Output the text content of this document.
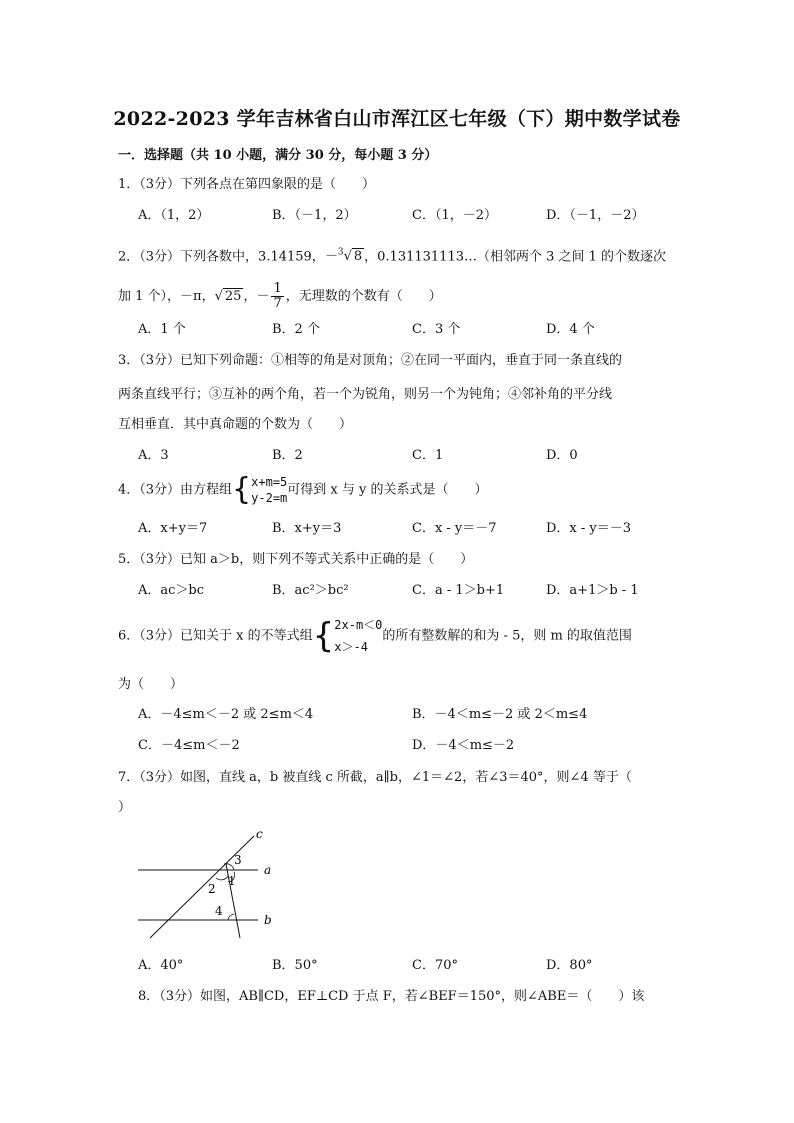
2022-2023 学年吉林省白山市浑江区七年级（下）期中数学试卷
一．选择题（共 10 小题，满分 30 分，每小题 3 分）
1．（3分）下列各点在第四象限的是（　　）
A．（1，2）	B．（－1，2）	C．（1，－2）	D．（－1，－2）
2．（3分）下列各数中，3.14159，－$^3$√ 8 ，0.131131113…（相邻两个 3 之间 1 的个数逐次
加 1 个），－π，√ 25 ，－ $\frac{1}{7}$ ，无理数的个数有（　　）
A．1 个	B．2 个	C．3 个	D．4 个
3．（3分）已知下列命题：①相等的角是对顶角；②在同一平面内，垂直于同一条直线的
两条直线平行；③互补的两个角，若一个为锐角，则另一个为钝角；④邻补角的平分线
互相垂直．其中真命题的个数为（　　）
A．3	B．2	C．1	D．0
4．（3分）由方程组{ x+m=5
y-2=m
可得到 x 与 y 的关系式是（　　）
A．x+y＝7	B．x+y＝3	C．x - y＝－7	D．x - y＝－3
5．（3分）已知 a＞b，则下列不等式关系中正确的是（　　）
A．ac＞bc	B．ac²＞bc²	C．a - 1＞b+1	D．a+1＞b - 1
6．（3分）已知关于 x 的不等式组{ 2x-m＜0
x＞-4
的所有整数解的和为 - 5，则 m 的取值范围
为（　　）
A．－4≤m＜－2 或 2≤m＜4	B．－4＜m≤－2 或 2＜m≤4
C．－4≤m＜－2	D．－4＜m≤－2
7．（3分）如图，直线 a，b 被直线 c 所截，a∥b，∠1＝∠2，若∠3＝40°，则∠4 等于（
）
c
a
b
3
1
2
4
A．40°	B．50°	C．70°	D．80°
8．（3分）如图，AB∥CD，EF⊥CD 于点 F，若∠BEF＝150°，则∠ABE＝（　　）该
